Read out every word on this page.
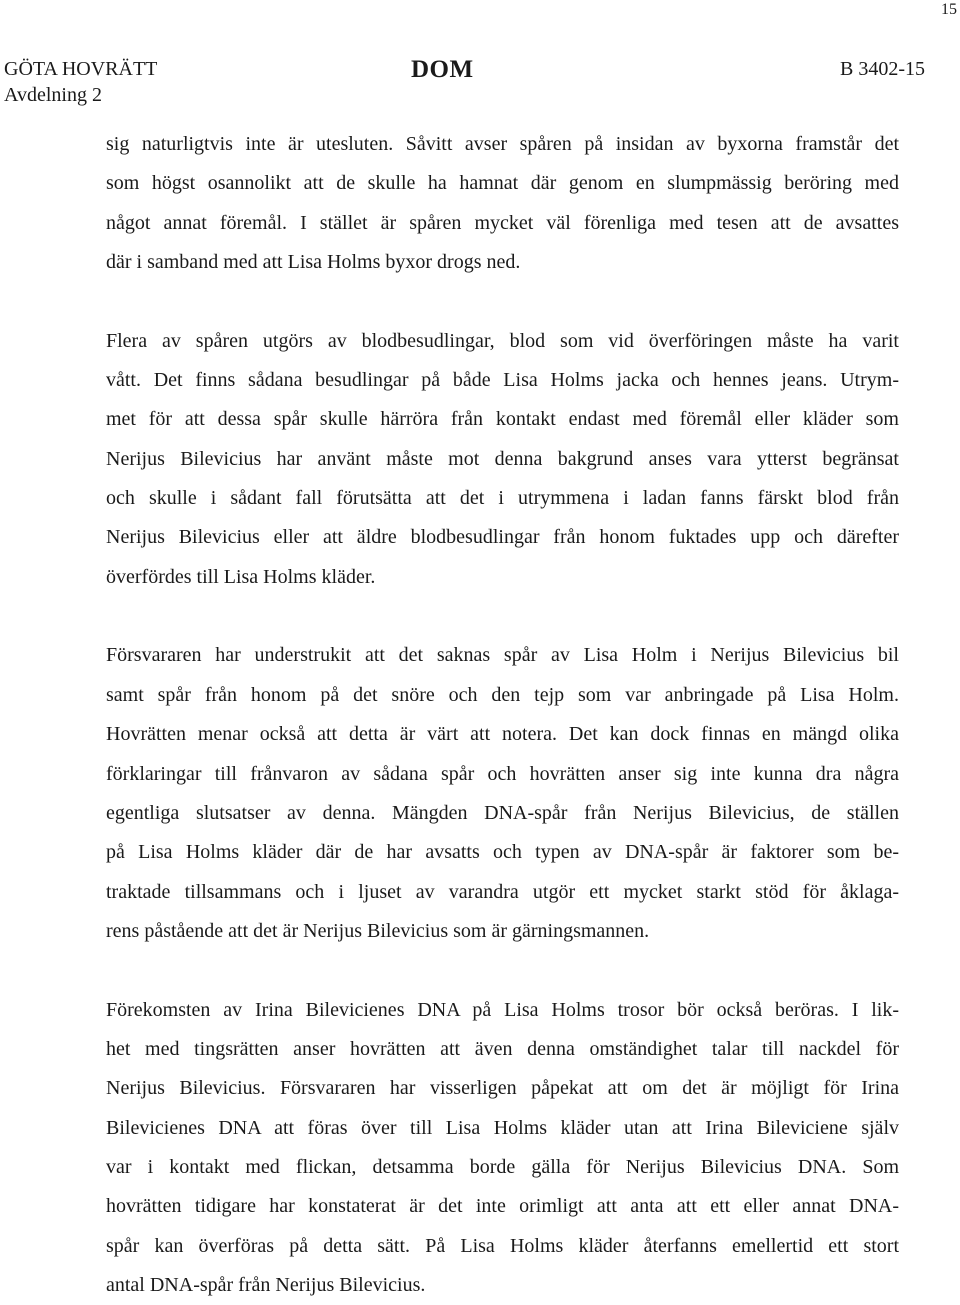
15
GÖTA HOVRÄTT
Avdelning 2
DOM	B 3402-15
sig naturligtvis inte är utesluten. Såvitt avser spåren på insidan av byxorna framstår det
som högst osannolikt att de skulle ha hamnat där genom en slumpmässig beröring med
något annat föremål. I stället är spåren mycket väl förenliga med tesen att de avsattes
där i samband med att Lisa Holms byxor drogs ned.
Flera av spåren utgörs av blodbesudlingar, blod som vid överföringen måste ha varit
vått. Det finns sådana besudlingar på både Lisa Holms jacka och hennes jeans. Utrym-
met för att dessa spår skulle härröra från kontakt endast med föremål eller kläder som
Nerijus Bilevicius har använt måste mot denna bakgrund anses vara ytterst begränsat
och skulle i sådant fall förutsätta att det i utrymmena i ladan fanns färskt blod från
Nerijus Bilevicius eller att äldre blodbesudlingar från honom fuktades upp och därefter
överfördes till Lisa Holms kläder.
Försvararen har understrukit att det saknas spår av Lisa Holm i Nerijus Bilevicius bil
samt spår från honom på det snöre och den tejp som var anbringade på Lisa Holm.
Hovrätten menar också att detta är värt att notera. Det kan dock finnas en mängd olika
förklaringar till frånvaron av sådana spår och hovrätten anser sig inte kunna dra några
egentliga slutsatser av denna. Mängden DNA-spår från Nerijus Bilevicius, de ställen
på Lisa Holms kläder där de har avsatts och typen av DNA-spår är faktorer som be-
traktade tillsammans och i ljuset av varandra utgör ett mycket starkt stöd för åklaga-
rens påstående att det är Nerijus Bilevicius som är gärningsmannen.
Förekomsten av Irina Bilevicienes DNA på Lisa Holms trosor bör också beröras. I lik-
het med tingsrätten anser hovrätten att även denna omständighet talar till nackdel för
Nerijus Bilevicius. Försvararen har visserligen påpekat att om det är möjligt för Irina
Bilevicienes DNA att föras över till Lisa Holms kläder utan att Irina Bileviciene själv
var i kontakt med flickan, detsamma borde gälla för Nerijus Bilevicius DNA. Som
hovrätten tidigare har konstaterat är det inte orimligt att anta att ett eller annat DNA-
spår kan överföras på detta sätt. På Lisa Holms kläder återfanns emellertid ett stort
antal DNA-spår från Nerijus Bilevicius.
